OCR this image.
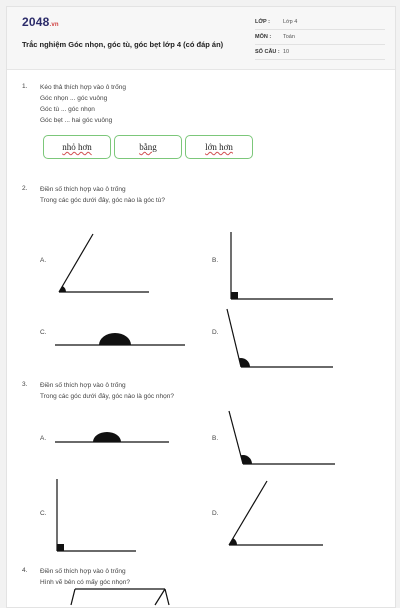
2048.vn
Trắc nghiệm Góc nhọn, góc tù, góc bẹt lớp 4 (có đáp án)
LỚP : Lớp 4
MÔN : Toán
SỐ CÂU : 10
1. Kéo thả thích hợp vào ô trống
Góc nhọn ... góc vuông
Góc tù ... góc nhọn
Góc bẹt ... hai góc vuông
nhỏ hơn	bằng	lớn hơn
2. Điền số thích hợp vào ô trống
Trong các góc dưới đây, góc nào là góc tù?
A.	B.
C.	D.
3. Điền số thích hợp vào ô trống
Trong các góc dưới đây, góc nào là góc nhọn?
A.	B.
C.	D.
4. Điền số thích hợp vào ô trống
Hình vẽ bên có mấy góc nhọn?
